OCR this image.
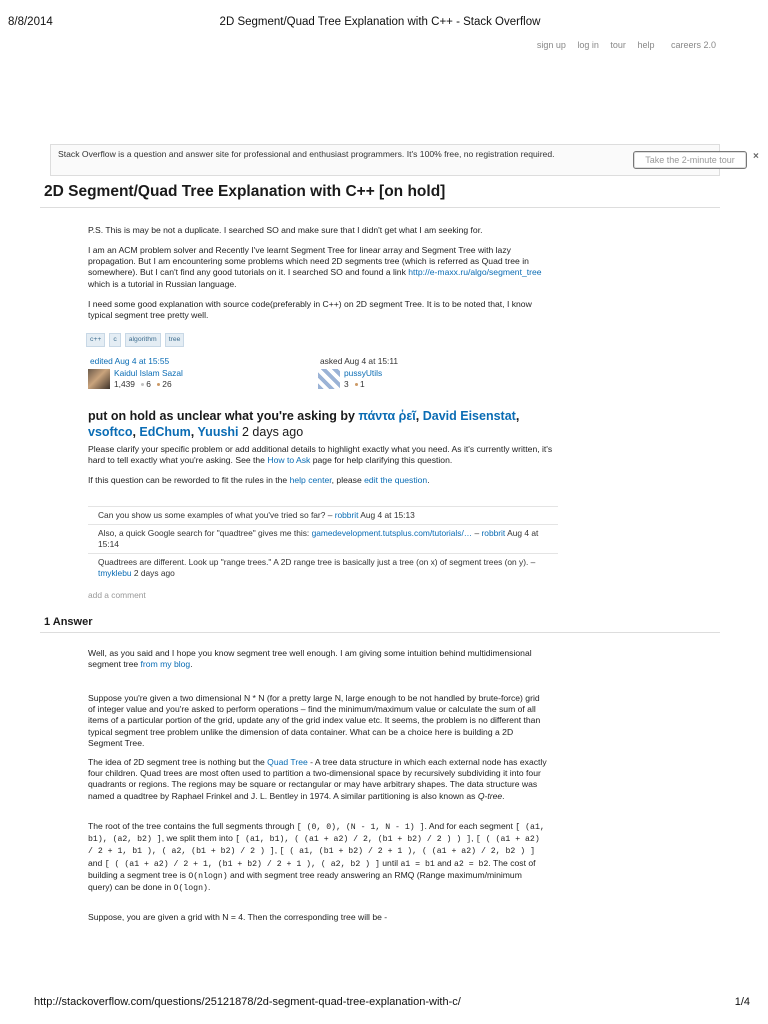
8/8/2014	2D Segment/Quad Tree Explanation with C++ - Stack Overflow
sign up log in tour help careers 2.0
Stack Overflow is a question and answer site for professional and enthusiast programmers. It's 100% free, no registration required.
Take the 2-minute tour	×
2D Segment/Quad Tree Explanation with C++ [on hold]
P.S. This is may be not a duplicate. I searched SO and make sure that I didn't get what I am seeking for.
I am an ACM problem solver and Recently I've learnt Segment Tree for linear array and Segment Tree with lazy propagation. But I am encountering some problems which need 2D segments tree (which is referred as Quad tree in somewhere). But I can't find any good tutorials on it. I searched SO and found a link http://e-maxx.ru/algo/segment_tree which is a tutorial in Russian language.
I need some good explanation with source code(preferably in C++) on 2D segment Tree. It is to be noted that, I know typical segment tree pretty well.
c++	c	algorithm	tree
edited Aug 4 at 15:55
Kaidul Islam Sazal
1,439 6 26
asked Aug 4 at 15:11
pussyUtils
3 1
put on hold as unclear what you're asking by πάντα ῥεῖ, David Eisenstat, vsoftco, EdChum, Yuushi 2 days ago
Please clarify your specific problem or add additional details to highlight exactly what you need. As it's currently written, it's hard to tell exactly what you're asking. See the How to Ask page for help clarifying this question.
If this question can be reworded to fit the rules in the help center, please edit the question.
Can you show us some examples of what you've tried so far? – robbrit Aug 4 at 15:13
Also, a quick Google search for "quadtree" gives me this: gamedevelopment.tutsplus.com/tutorials/… – robbrit Aug 4 at 15:14
Quadtrees are different. Look up "range trees." A 2D range tree is basically just a tree (on x) of segment trees (on y). – tmyklebu 2 days ago
add a comment
1 Answer
Well, as you said and I hope you know segment tree well enough. I am giving some intuition behind multidimensional segment tree from my blog.
Suppose you're given a two dimensional N * N (for a pretty large N, large enough to be not handled by brute-force) grid of integer value and you're asked to perform operations – find the minimum/maximum value or calculate the sum of all items of a particular portion of the grid, update any of the grid index value etc. It seems, the problem is no different than typical segment tree problem unlike the dimension of data container. What can be a choice here is building a 2D Segment Tree.
The idea of 2D segment tree is nothing but the Quad Tree - A tree data structure in which each external node has exactly four children. Quad trees are most often used to partition a two-dimensional space by recursively subdividing it into four quadrants or regions. The regions may be square or rectangular or may have arbitrary shapes. The data structure was named a quadtree by Raphael Frinkel and J. L. Bentley in 1974. A similar partitioning is also known as Q-tree.
The root of the tree contains the full segments through [ (0, 0), (N - 1, N - 1) ]. And for each segment [ (a1, b1), (a2, b2) ], we split them into [ (a1, b1), ( (a1 + a2) / 2, (b1 + b2) / 2 ) ) ], [ ( (a1 + a2) / 2 + 1, b1 ), ( a2, (b1 + b2) / 2 ) ], [ ( a1, (b1 + b2) / 2 + 1 ), ( (a1 + a2) / 2, b2 ) ] and [ ( (a1 + a2) / 2 + 1, (b1 + b2) / 2 + 1 ), ( a2, b2 ) ] until a1 = b1 and a2 = b2. The cost of building a segment tree is O(nlogn) and with segment tree ready answering an RMQ (Range maximum/minimum query) can be done in O(logn).
Suppose, you are given a grid with N = 4. Then the corresponding tree will be -
http://stackoverflow.com/questions/25121878/2d-segment-quad-tree-explanation-with-c/	1/4
